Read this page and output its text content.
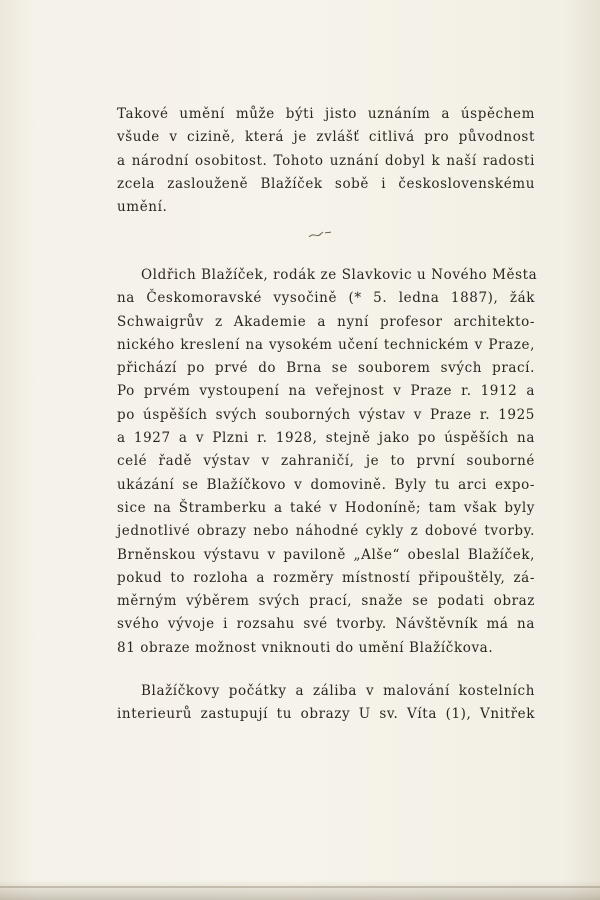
Takové umění může býti jisto uznáním a úspěchem
všude v cizině, která je zvlášť citlivá pro původnost
a národní osobitost. Tohoto uznání dobyl k naší radosti
zcela zaslouženě Blažíček sobě i československému
umění.
Oldřich Blažíček, rodák ze Slavkovic u Nového Města
na Českomoravské vysočině (* 5. ledna 1887), žák
Schwaigrův z Akademie a nyní profesor architekto-
nického kreslení na vysokém učení technickém v Praze,
přichází po prvé do Brna se souborem svých prací.
Po prvém vystoupení na veřejnost v Praze r. 1912 a
po úspěších svých souborných výstav v Praze r. 1925
a 1927 a v Plzni r. 1928, stejně jako po úspěších na
celé řadě výstav v zahraničí, je to první souborné
ukázání se Blažíčkovo v domovině. Byly tu arci expo-
sice na Štramberku a také v Hodoníně; tam však byly
jednotlivé obrazy nebo náhodné cykly z dobové tvorby.
Brněnskou výstavu v paviloně „Alše“ obeslal Blažíček,
pokud to rozloha a rozměry místností připouštěly, zá-
měrným výběrem svých prací, snaže se podati obraz
svého vývoje i rozsahu své tvorby. Návštěvník má na
81 obraze možnost vniknouti do umění Blažíčkova.
Blažíčkovy počátky a záliba v malování kostelních
interieurů zastupují tu obrazy U sv. Víta (1), Vnitřek
